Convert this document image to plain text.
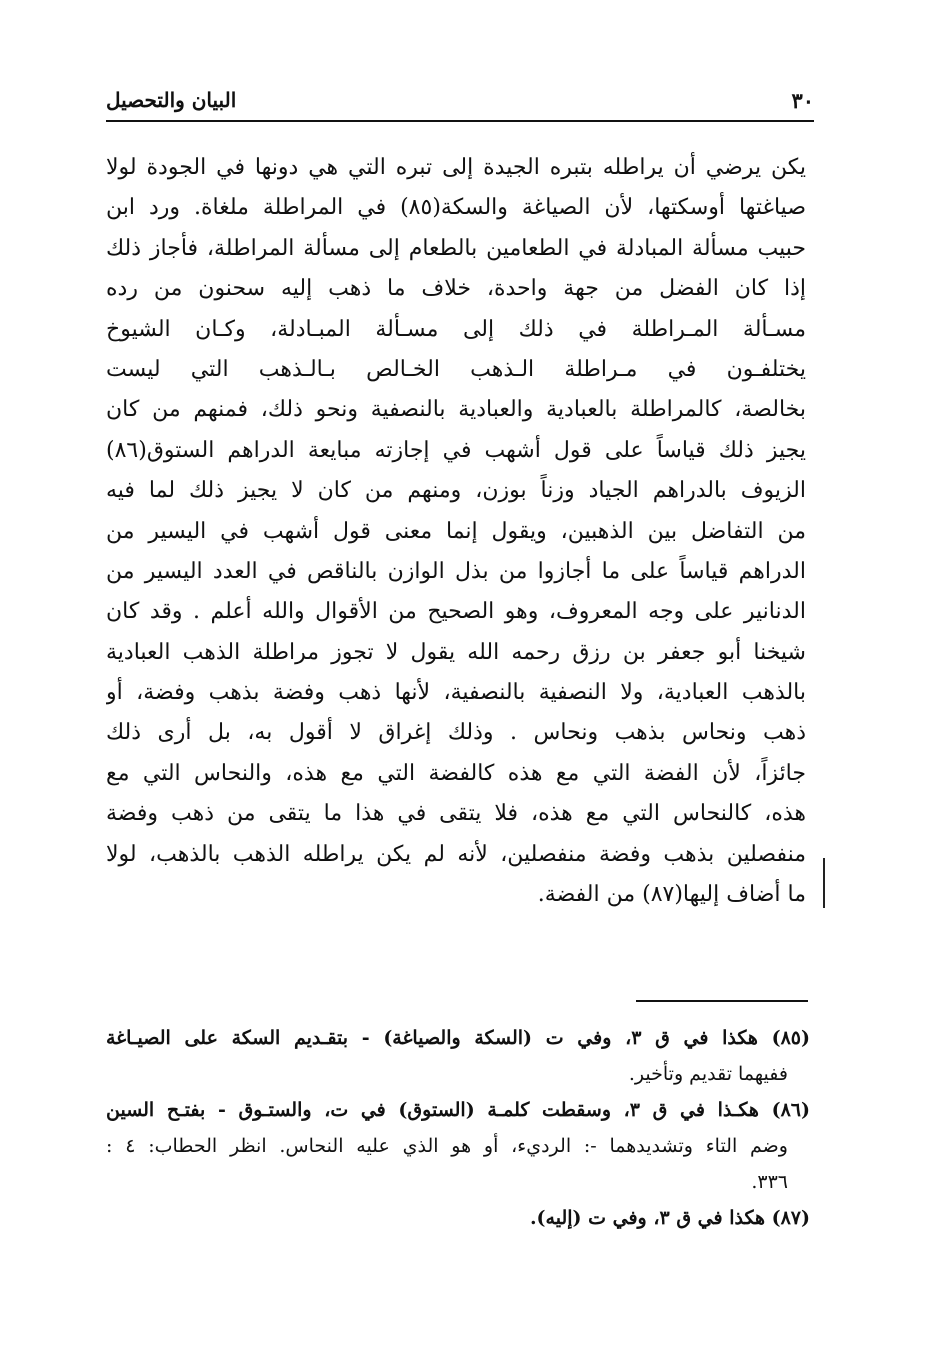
٣٠
البيان والتحصيل
يكن يرضي أن يراطله بتبره الجيدة إلى تبره التي هي دونها في الجودة لولا
صياغتها أوسكتها، لأن الصياغة والسكة(٨٥) في المراطلة ملغاة. ورد ابن
حبيب مسألة المبادلة في الطعامين بالطعام إلى مسألة المراطلة، فأجاز ذلك
إذا كان الفضل من جهة واحدة، خلاف ما ذهب إليه سحنون من رده
مسـألة المـراطلة في ذلك إلى مسـألة المبـادلة، وكـان الشيوخ
يختلفـون في مـراطلة الـذهب الخـالص بـالـذهب التي ليست
بخالصة، كالمراطلة بالعبادية والعبادية بالنصفية ونحو ذلك، فمنهم من كان
يجيز ذلك قياساً على قول أشهب في إجازته مبايعة الدراهم الستوق(٨٦)
الزيوف بالدراهم الجياد وزناً بوزن، ومنهم من كان لا يجيز ذلك لما فيه
من التفاضل بين الذهبين، ويقول إنما معنى قول أشهب في اليسير من
الدراهم قياساً على ما أجازوا من بذل الوازن بالناقص في العدد اليسير من
الدنانير على وجه المعروف، وهو الصحيح من الأقوال والله أعلم . وقد كان
شيخنا أبو جعفر بن رزق رحمه الله يقول لا تجوز مراطلة الذهب العبادية
بالذهب العبادية، ولا النصفية بالنصفية، لأنها ذهب وفضة بذهب وفضة، أو
ذهب ونحاس بذهب ونحاس . وذلك إغراق لا أقول به، بل أرى ذلك
جائزاً، لأن الفضة التي مع هذه كالفضة التي مع هذه، والنحاس التي مع
هذه، كالنحاس التي مع هذه، فلا يتقى في هذا ما يتقى من ذهب وفضة
منفصلين بذهب وفضة منفصلين، لأنه لم يكن يراطله الذهب بالذهب، لولا
ما أضاف إليها(٨٧) من الفضة.
(٨٥) هكذا في ق ٣، وفي ت (السكة والصياغة) - بتقـديم السكة على الصيـاغة
ففيهما تقديم وتأخير.
(٨٦) هكـذا في ق ٣، وسقطت كلمـة (الستوق) في ت، والستـوق - بفتـح السين
وضم التاء وتشديدهما -: الرديء، أو هو الذي عليه النحاس. انظر الحطاب: ٤ :
٣٣٦.
(٨٧) هكذا في ق ٣، وفي ت (إليه).
